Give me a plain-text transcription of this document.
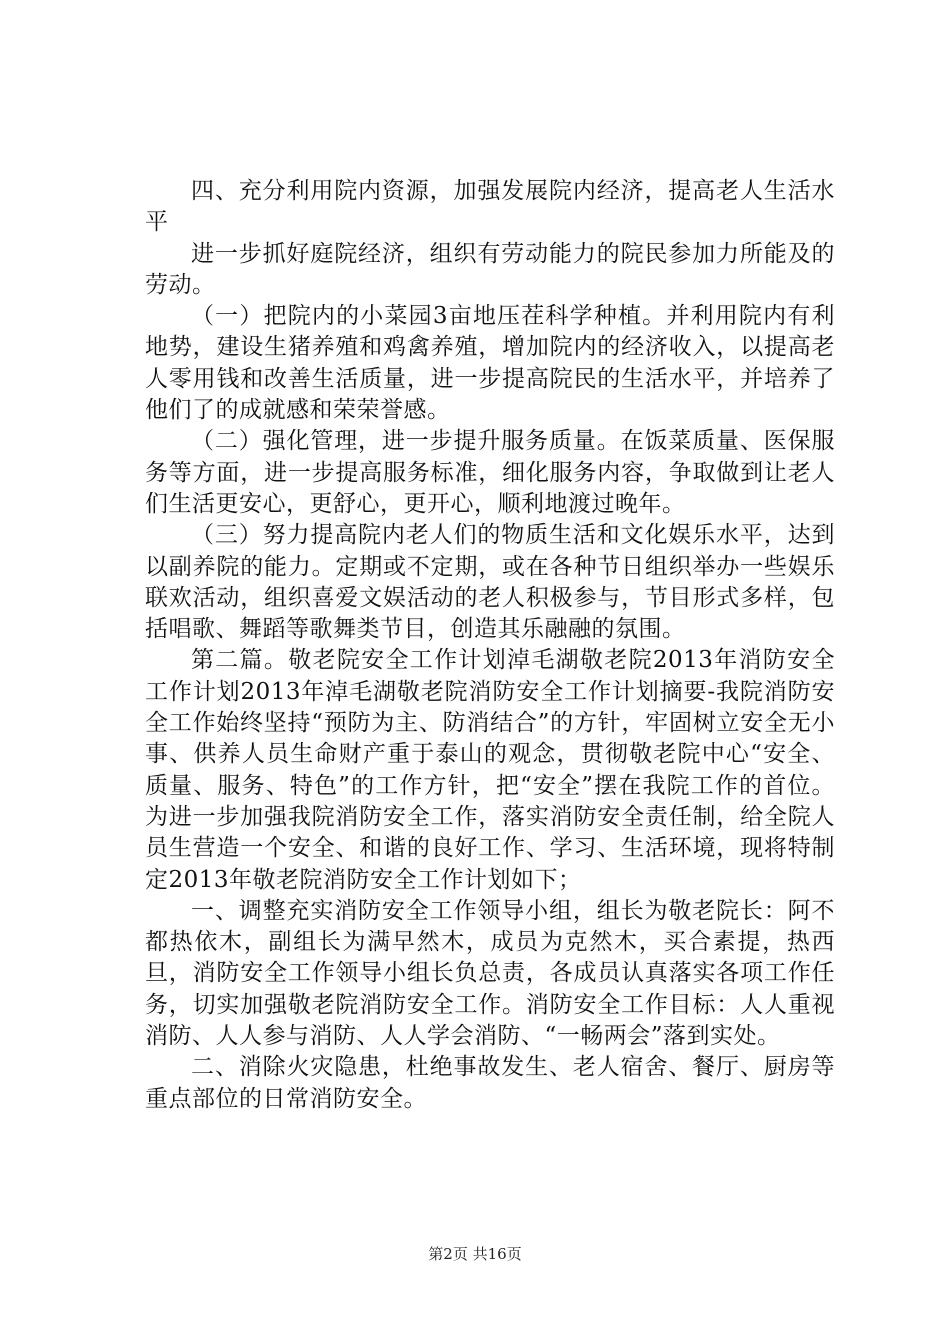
四、充分利用院内资源，加强发展院内经济，提高老人生活水平

进一步抓好庭院经济，组织有劳动能力的院民参加力所能及的劳动。

（一）把院内的小菜园3亩地压茬科学种植。并利用院内有利地势，建设生猪养殖和鸡禽养殖，增加院内的经济收入，以提高老人零用钱和改善生活质量，进一步提高院民的生活水平，并培养了他们了的成就感和荣荣誉感。

（二）强化管理，进一步提升服务质量。在饭菜质量、医保服务等方面，进一步提高服务标准，细化服务内容，争取做到让老人们生活更安心，更舒心，更开心，顺利地渡过晚年。

（三）努力提高院内老人们的物质生活和文化娱乐水平，达到以副养院的能力。定期或不定期，或在各种节日组织举办一些娱乐联欢活动，组织喜爱文娱活动的老人积极参与，节目形式多样，包括唱歌、舞蹈等歌舞类节目，创造其乐融融的氛围。

第二篇。敬老院安全工作计划淖毛湖敬老院2013年消防安全工作计划2013年淖毛湖敬老院消防安全工作计划摘要-我院消防安全工作始终坚持“预防为主、防消结合”的方针，牢固树立安全无小事、供养人员生命财产重于泰山的观念，贯彻敬老院中心“安全、质量、服务、特色”的工作方针，把“安全”摆在我院工作的首位。为进一步加强我院消防安全工作，落实消防安全责任制，给全院人员生营造一个安全、和谐的良好工作、学习、生活环境，现将特制定2013年敬老院消防安全工作计划如下；

一、调整充实消防安全工作领导小组，组长为敬老院长：阿不都热依木，副组长为满早然木，成员为克然木，买合素提，热西旦，消防安全工作领导小组长负总责，各成员认真落实各项工作任务，切实加强敬老院消防安全工作。消防安全工作目标：人人重视消防、人人参与消防、人人学会消防、“一畅两会”落到实处。

二、消除火灾隐患，杜绝事故发生、老人宿舍、餐厅、厨房等重点部位的日常消防安全。

第2页 共16页
